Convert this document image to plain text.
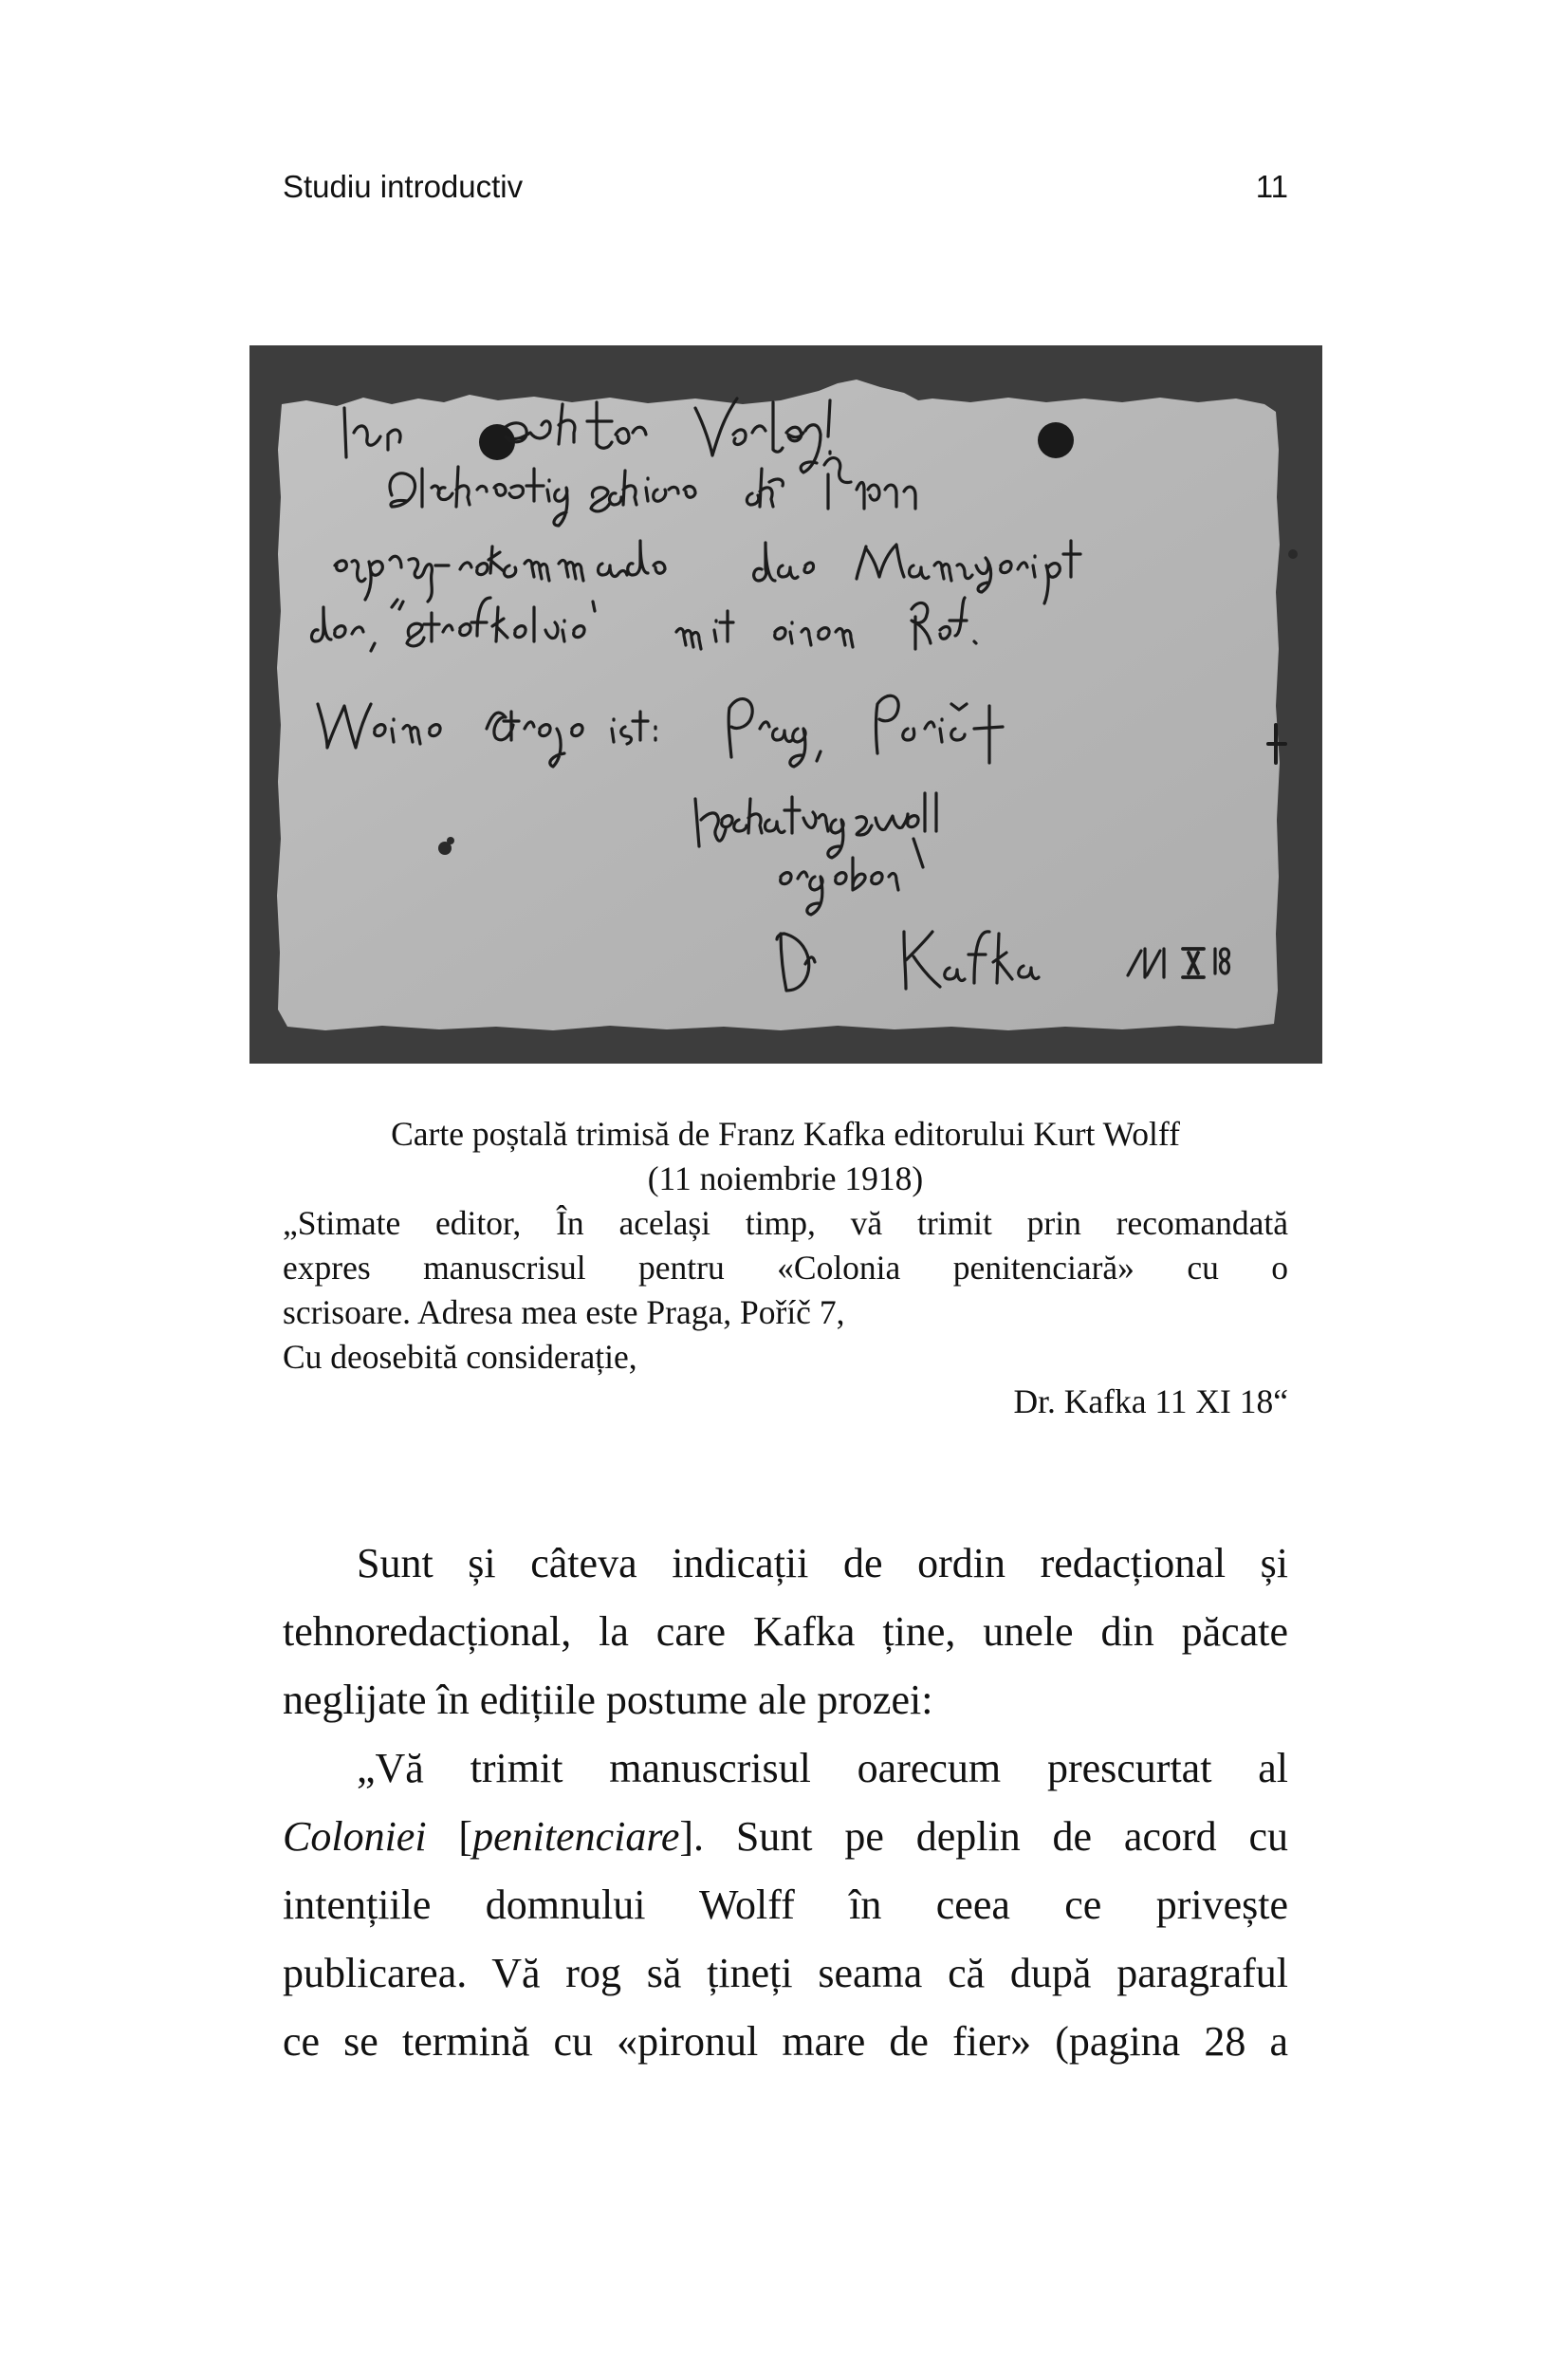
Studiu introductiv	11
Carte poștală trimisă de Franz Kafka editorului Kurt Wolff
(11 noiembrie 1918)
„Stimate editor, În același timp, vă trimit prin recomandată
expres manuscrisul pentru «Colonia penitenciară» cu o
scrisoare. Adresa mea este Praga, Poříč 7,
Cu deosebită considerație,
Dr. Kafka 11 XI 18“
Sunt și câteva indicații de ordin redacțional și
tehnoredacțional, la care Kafka ține, unele din păcate
neglijate în edițiile postume ale prozei:
„Vă trimit manuscrisul oarecum prescurtat al
Coloniei [penitenciare]. Sunt pe deplin de acord cu
intențiile domnului Wolff în ceea ce privește
publicarea. Vă rog să țineți seama că după paragraful
ce se termină cu «pironul mare de fier» (pagina 28 a
